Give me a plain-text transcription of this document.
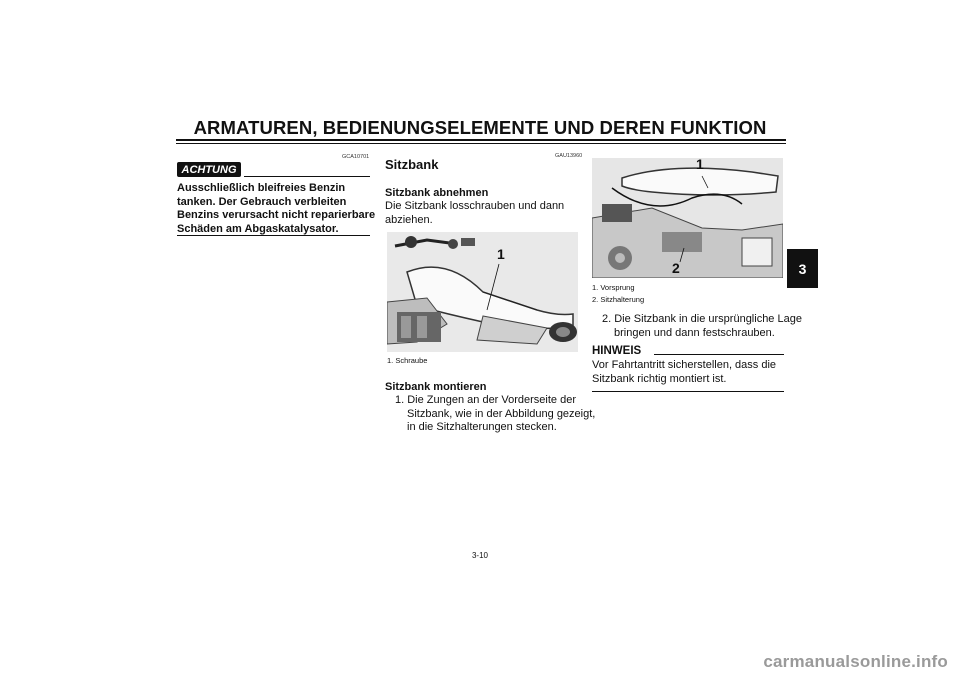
ARMATUREN, BEDIENUNGSELEMENTE UND DEREN FUNKTION
3
GCA10701
ACHTUNG
Ausschließlich bleifreies Benzin tanken. Der Gebrauch verbleiten Benzins verursacht nicht reparierbare Schäden am Abgaskatalysator.
GAU13960
Sitzbank
Sitzbank abnehmen
Die Sitzbank losschrauben und dann abziehen.
1
1. Schraube
Sitzbank montieren
1. Die Zungen an der Vorderseite der Sitzbank, wie in der Abbildung gezeigt, in die Sitzhalterungen stecken.
1
2
1. Vorsprung
2. Sitzhalterung
2. Die Sitzbank in die ursprüngliche Lage bringen und dann festschrauben.
HINWEIS
Vor Fahrtantritt sicherstellen, dass die Sitzbank richtig montiert ist.
3-10
carmanualsonline.info
